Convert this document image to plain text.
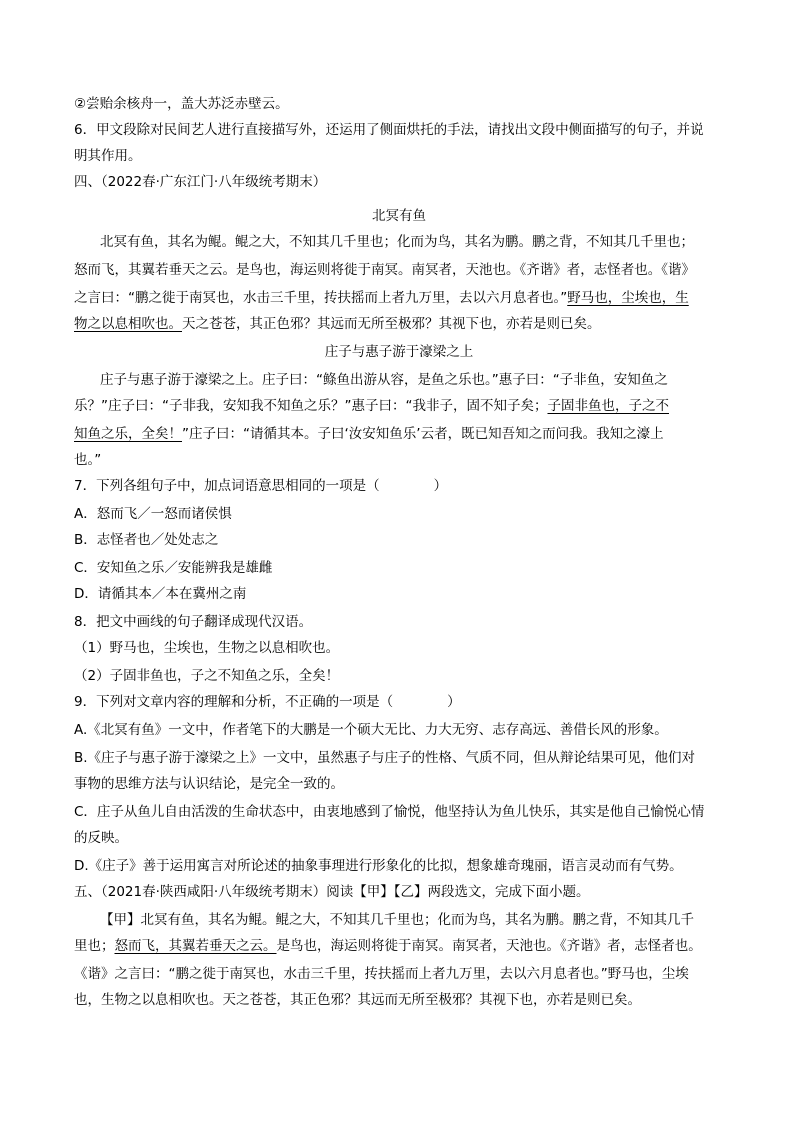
②尝贻余核舟一，盖大苏泛赤壁云。
6．甲文段除对民间艺人进行直接描写外，还运用了侧面烘托的手法，请找出文段中侧面描写的句子，并说
明其作用。
四、（2022春·广东江门·八年级统考期末）
北冥有鱼
北冥有鱼，其名为鲲。鲲之大，不知其几千里也；化而为鸟，其名为鹏。鹏之背，不知其几千里也；
怒而飞，其翼若垂天之云。是鸟也，海运则将徙于南冥。南冥者，天池也。《齐谐》者，志怪者也。《谐》
之言曰：“鹏之徙于南冥也，水击三千里，抟扶摇而上者九万里，去以六月息者也。”野马也，尘埃也，生
物之以息相吹也。天之苍苍，其正色邪？其远而无所至极邪？其视下也，亦若是则已矣。
庄子与惠子游于濠梁之上
庄子与惠子游于濠梁之上。庄子曰：“鲦鱼出游从容，是鱼之乐也。”惠子曰：“子非鱼，安知鱼之
乐？”庄子曰：“子非我，安知我不知鱼之乐？”惠子曰：“我非子，固不知子矣；子固非鱼也，子之不
知鱼之乐，全矣！”庄子曰：“请循其本。子曰‘汝安知鱼乐’云者，既已知吾知之而问我。我知之濠上
也。”
7．下列各组句子中，加点词语意思相同的一项是（　　　　）
A．怒而飞／一怒而诸侯惧
B．志怪者也／处处志之
C．安知鱼之乐／安能辨我是雄雌
D．请循其本／本在冀州之南
8．把文中画线的句子翻译成现代汉语。
（1）野马也，尘埃也，生物之以息相吹也。
（2）子固非鱼也，子之不知鱼之乐，全矣！
9．下列对文章内容的理解和分析，不正确的一项是（　　　　）
A.《北冥有鱼》一文中，作者笔下的大鹏是一个硕大无比、力大无穷、志存高远、善借长风的形象。
B.《庄子与惠子游于濠梁之上》一文中，虽然惠子与庄子的性格、气质不同，但从辩论结果可见，他们对
事物的思维方法与认识结论，是完全一致的。
C．庄子从鱼儿自由活泼的生命状态中，由衷地感到了愉悦，他坚持认为鱼儿快乐，其实是他自己愉悦心情
的反映。
D.《庄子》善于运用寓言对所论述的抽象事理进行形象化的比拟，想象雄奇瑰丽，语言灵动而有气势。
五、（2021春·陕西咸阳·八年级统考期末）阅读【甲】【乙】两段选文，完成下面小题。
【甲】北冥有鱼，其名为鲲。鲲之大，不知其几千里也；化而为鸟，其名为鹏。鹏之背，不知其几千
里也；怒而飞，其翼若垂天之云。是鸟也，海运则将徙于南冥。南冥者，天池也。《齐谐》者，志怪者也。
《谐》之言曰：“鹏之徙于南冥也，水击三千里，抟扶摇而上者九万里，去以六月息者也。”野马也，尘埃
也，生物之以息相吹也。天之苍苍，其正色邪？其远而无所至极邪？其视下也，亦若是则已矣。
